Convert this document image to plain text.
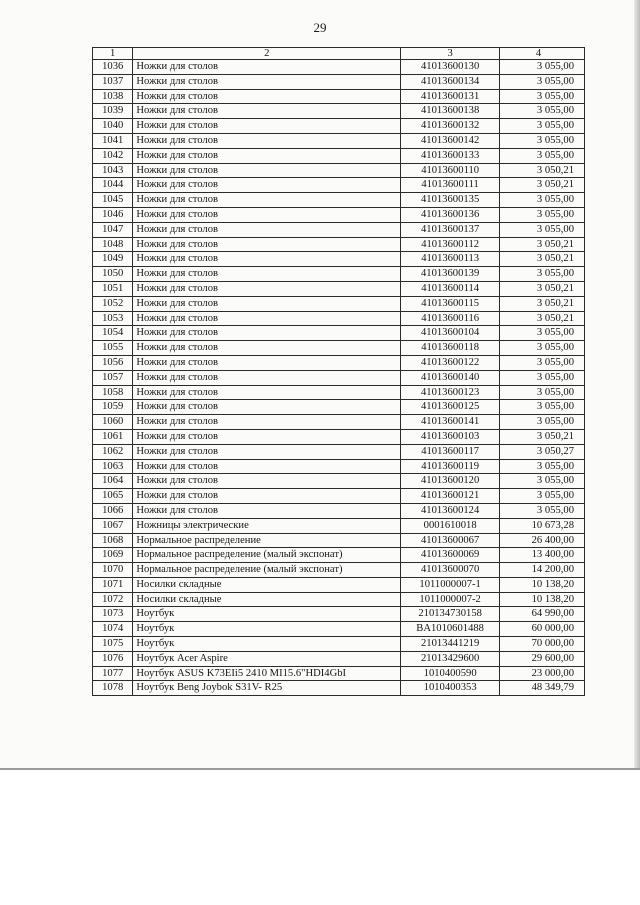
29
1	2	3	4
1036	Ножки для столов	41013600130	3 055,00
1037	Ножки для столов	41013600134	3 055,00
1038	Ножки для столов	41013600131	3 055,00
1039	Ножки для столов	41013600138	3 055,00
1040	Ножки для столов	41013600132	3 055,00
1041	Ножки для столов	41013600142	3 055,00
1042	Ножки для столов	41013600133	3 055,00
1043	Ножки для столов	41013600110	3 050,21
1044	Ножки для столов	41013600111	3 050,21
1045	Ножки для столов	41013600135	3 055,00
1046	Ножки для столов	41013600136	3 055,00
1047	Ножки для столов	41013600137	3 055,00
1048	Ножки для столов	41013600112	3 050,21
1049	Ножки для столов	41013600113	3 050,21
1050	Ножки для столов	41013600139	3 055,00
1051	Ножки для столов	41013600114	3 050,21
1052	Ножки для столов	41013600115	3 050,21
1053	Ножки для столов	41013600116	3 050,21
1054	Ножки для столов	41013600104	3 055,00
1055	Ножки для столов	41013600118	3 055,00
1056	Ножки для столов	41013600122	3 055,00
1057	Ножки для столов	41013600140	3 055,00
1058	Ножки для столов	41013600123	3 055,00
1059	Ножки для столов	41013600125	3 055,00
1060	Ножки для столов	41013600141	3 055,00
1061	Ножки для столов	41013600103	3 050,21
1062	Ножки для столов	41013600117	3 050,27
1063	Ножки для столов	41013600119	3 055,00
1064	Ножки для столов	41013600120	3 055,00
1065	Ножки для столов	41013600121	3 055,00
1066	Ножки для столов	41013600124	3 055,00
1067	Ножницы электрические	0001610018	10 673,28
1068	Нормальное распределение	41013600067	26 400,00
1069	Нормальное распределение (малый экспонат)	41013600069	13 400,00
1070	Нормальное распределение (малый экспонат)	41013600070	14 200,00
1071	Носилки складные	1011000007-1	10 138,20
1072	Носилки складные	1011000007-2	10 138,20
1073	Ноутбук	210134730158	64 990,00
1074	Ноутбук	BA1010601488	60 000,00
1075	Ноутбук	21013441219	70 000,00
1076	Ноутбук Acer Aspire	21013429600	29 600,00
1077	Ноутбук ASUS K73EIi5 2410 MI15.6"HDI4GbI	1010400590	23 000,00
1078	Ноутбук Beng Joybok S31V- R25	1010400353	48 349,79
